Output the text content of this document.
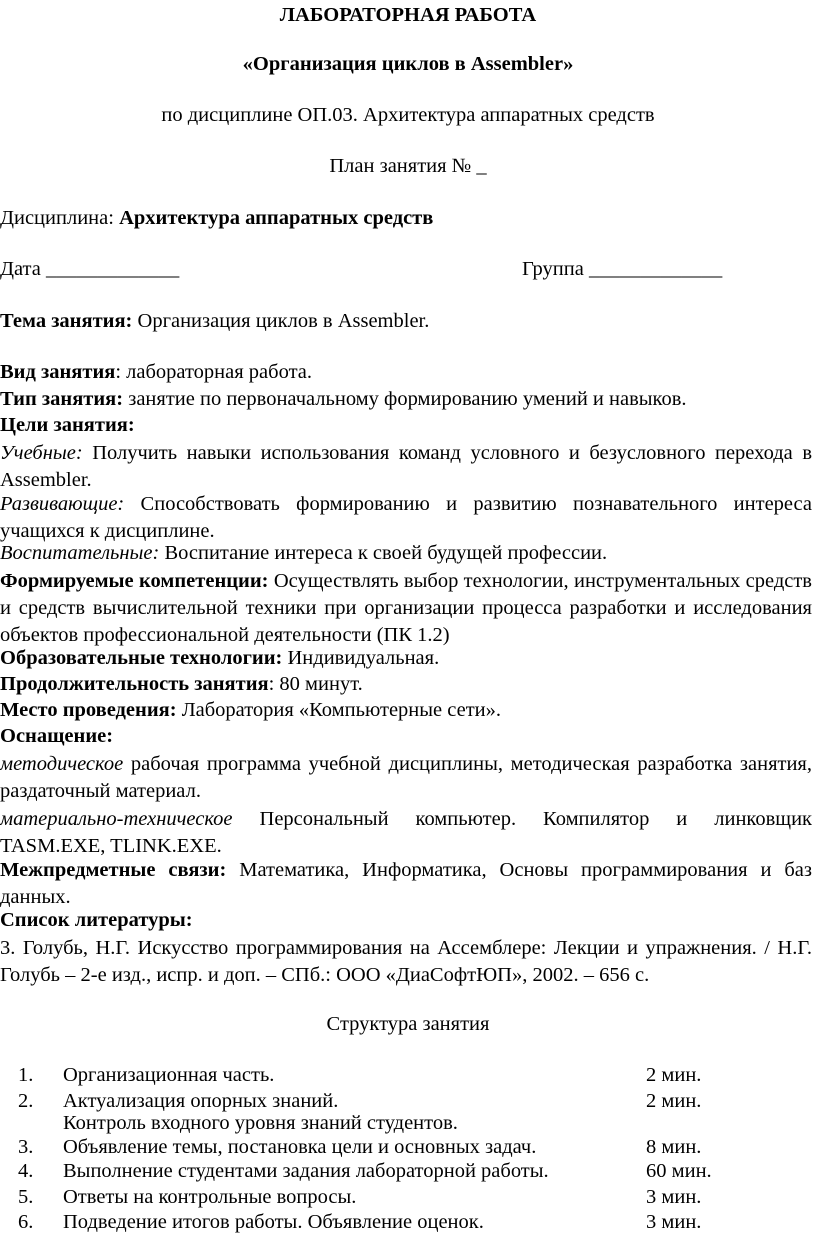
ЛАБОРАТОРНАЯ РАБОТА
«Организация циклов в Assembler»
по дисциплине ОП.03. Архитектура аппаратных средств
План занятия № _
Дисциплина: Архитектура аппаратных средств
Дата _____________	Группа _____________
Тема занятия: Организация циклов в Assembler.
Вид занятия: лабораторная работа.
Тип занятия: занятие по первоначальному формированию умений и навыков.
Цели занятия:
Учебные: Получить навыки использования команд условного и безусловного перехода в Assembler.
Развивающие: Способствовать формированию и развитию познавательного интереса учащихся к дисциплине.
Воспитательные: Воспитание интереса к своей будущей профессии.
Формируемые компетенции: Осуществлять выбор технологии, инструментальных средств и средств вычислительной техники при организации процесса разработки и исследования объектов профессиональной деятельности (ПК 1.2)
Образовательные технологии: Индивидуальная.
Продолжительность занятия: 80 минут.
Место проведения: Лаборатория «Компьютерные сети».
Оснащение:
методическое рабочая программа учебной дисциплины, методическая разработка занятия, раздаточный материал.
материально-техническое Персональный компьютер. Компилятор и линковщик TASM.EXE, TLINK.EXE.
Межпредметные связи: Математика, Информатика, Основы программирования и баз данных.
Список литературы:
3. Голубь, Н.Г. Искусство программирования на Ассемблере: Лекции и упражнения. / Н.Г. Голубь – 2-е изд., испр. и доп. – СПб.: ООО «ДиаСофтЮП», 2002. – 656 с.
Структура занятия
1. Организационная часть.	2 мин.
2. Актуализация опорных знаний.	2 мин.
Контроль входного уровня знаний студентов.
3. Объявление темы, постановка цели и основных задач.	8 мин.
4. Выполнение студентами задания лабораторной работы.	60 мин.
5. Ответы на контрольные вопросы.	3 мин.
6. Подведение итогов работы. Объявление оценок.	3 мин.
